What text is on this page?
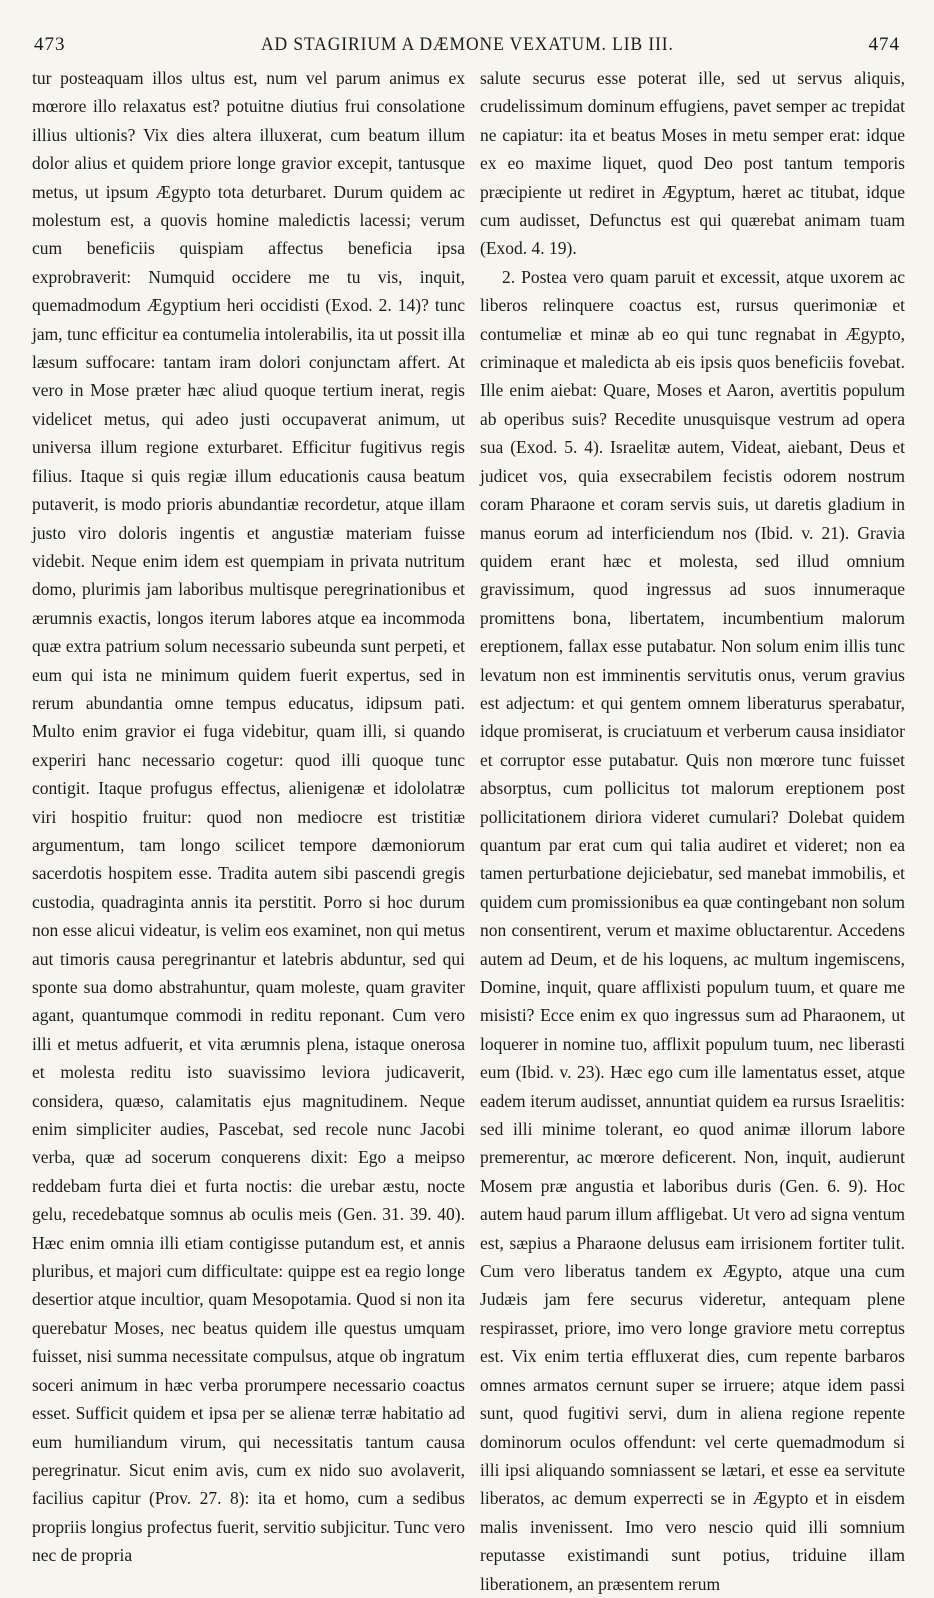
473	AD STAGIRIUM A DÆMONE VEXATUM. LIB III.	474

tur posteaquam illos ultus est, num vel parum animus ex mœrore illo relaxatus est? potuitne diutius frui consolatione illius ultionis? Vix dies altera illuxerat, cum beatum illum dolor alius et quidem priore longe gravior excepit, tantusque metus, ut ipsum Ægypto tota deturbaret. Durum quidem ac molestum est, a quovis homine maledictis lacessi; verum cum beneficiis quispiam affectus beneficia ipsa exprobraverit: Numquid occidere me tu vis, inquit, quemadmodum Ægyptium heri occidisti (Exod. 2. 14)? tunc jam, tunc efficitur ea contumelia intolerabilis, ita ut possit illa læsum suffocare: tantam iram dolori conjunctam affert. At vero in Mose præter hæc aliud quoque tertium inerat, regis videlicet metus, qui adeo justi occupaverat animum, ut universa illum regione exturbaret. Efficitur fugitivus regis filius. Itaque si quis regiæ illum educationis causa beatum putaverit, is modo prioris abundantiæ recordetur, atque illam justo viro doloris ingentis et angustiæ materiam fuisse videbit. Neque enim idem est quempiam in privata nutritum domo, plurimis jam laboribus multisque peregrinationibus et ærumnis exactis, longos iterum labores atque ea incommoda quæ extra patrium solum necessario subeunda sunt perpeti, et eum qui ista ne minimum quidem fuerit expertus, sed in rerum abundantia omne tempus educatus, idipsum pati. Multo enim gravior ei fuga videbitur, quam illi, si quando experiri hanc necessario cogetur: quod illi quoque tunc contigit. Itaque profugus effectus, alienigenæ et idololatræ viri hospitio fruitur: quod non mediocre est tristitiæ argumentum, tam longo scilicet tempore dæmoniorum sacerdotis hospitem esse. Tradita autem sibi pascendi gregis custodia, quadraginta annis ita perstitit. Porro si hoc durum non esse alicui videatur, is velim eos examinet, non qui metus aut timoris causa peregrinantur et latebris abduntur, sed qui sponte sua domo abstrahuntur, quam moleste, quam graviter agant, quantumque commodi in reditu reponant. Cum vero illi et metus adfuerit, et vita ærumnis plena, istaque onerosa et molesta reditu isto suavissimo leviora judicaverit, considera, quæso, calamitatis ejus magnitudinem. Neque enim simpliciter audies, Pascebat, sed recole nunc Jacobi verba, quæ ad socerum conquerens dixit: Ego a meipso reddebam furta diei et furta noctis: die urebar æstu, nocte gelu, recedebatque somnus ab oculis meis (Gen. 31. 39. 40). Hæc enim omnia illi etiam contigisse putandum est, et annis pluribus, et majori cum difficultate: quippe est ea regio longe desertior atque incultior, quam Mesopotamia. Quod si non ita querebatur Moses, nec beatus quidem ille questus umquam fuisset, nisi summa necessitate compulsus, atque ob ingratum soceri animum in hæc verba prorumpere necessario coactus esset. Sufficit quidem et ipsa per se alienæ terræ habitatio ad eum humiliandum virum, qui necessitatis tantum causa peregrinatur. Sicut enim avis, cum ex nido suo avolaverit, facilius capitur (Prov. 27. 8): ita et homo, cum a sedibus propriis longius profectus fuerit, servitio subjicitur. Tunc vero nec de propria

salute securus esse poterat ille, sed ut servus aliquis, crudelissimum dominum effugiens, pavet semper ac trepidat ne capiatur: ita et beatus Moses in metu semper erat: idque ex eo maxime liquet, quod Deo post tantum temporis præcipiente ut rediret in Ægyptum, hæret ac titubat, idque cum audisset, Defunctus est qui quærebat animam tuam (Exod. 4. 19).

2. Postea vero quam paruit et excessit, atque uxorem ac liberos relinquere coactus est, rursus querimoniæ et contumeliæ et minæ ab eo qui tunc regnabat in Ægypto, criminaque et maledicta ab eis ipsis quos beneficiis fovebat. Ille enim aiebat: Quare, Moses et Aaron, avertitis populum ab operibus suis? Recedite unusquisque vestrum ad opera sua (Exod. 5. 4). Israelitæ autem, Videat, aiebant, Deus et judicet vos, quia exsecrabilem fecistis odorem nostrum coram Pharaone et coram servis suis, ut daretis gladium in manus eorum ad interficiendum nos (Ibid. v. 21). Gravia quidem erant hæc et molesta, sed illud omnium gravissimum, quod ingressus ad suos innumeraque promittens bona, libertatem, incumbentium malorum ereptionem, fallax esse putabatur. Non solum enim illis tunc levatum non est imminentis servitutis onus, verum gravius est adjectum: et qui gentem omnem liberaturus sperabatur, idque promiserat, is cruciatuum et verberum causa insidiator et corruptor esse putabatur. Quis non mœrore tunc fuisset absorptus, cum pollicitus tot malorum ereptionem post pollicitationem diriora videret cumulari? Dolebat quidem quantum par erat cum qui talia audiret et videret; non ea tamen perturbatione dejiciebatur, sed manebat immobilis, et quidem cum promissionibus ea quæ contingebant non solum non consentirent, verum et maxime obluctarentur. Accedens autem ad Deum, et de his loquens, ac multum ingemiscens, Domine, inquit, quare afflixisti populum tuum, et quare me misisti? Ecce enim ex quo ingressus sum ad Pharaonem, ut loquerer in nomine tuo, afflixit populum tuum, nec liberasti eum (Ibid. v. 23). Hæc ego cum ille lamentatus esset, atque eadem iterum audisset, annuntiat quidem ea rursus Israelitis: sed illi minime tolerant, eo quod animæ illorum labore premerentur, ac mœrore deficerent. Non, inquit, audierunt Mosem præ angustia et laboribus duris (Gen. 6. 9). Hoc autem haud parum illum affligebat. Ut vero ad signa ventum est, sæpius a Pharaone delusus eam irrisionem fortiter tulit. Cum vero liberatus tandem ex Ægypto, atque una cum Judæis jam fere securus videretur, antequam plene respirasset, priore, imo vero longe graviore metu correptus est. Vix enim tertia effluxerat dies, cum repente barbaros omnes armatos cernunt super se irruere; atque idem passi sunt, quod fugitivi servi, dum in aliena regione repente dominorum oculos offendunt: vel certe quemadmodum si illi ipsi aliquando somniassent se lætari, et esse ea servitute liberatos, ac demum experrecti se in Ægypto et in eisdem malis invenissent. Imo vero nescio quid illi somnium reputasse existimandi sunt potius, triduine illam liberationem, an præsentem rerum
